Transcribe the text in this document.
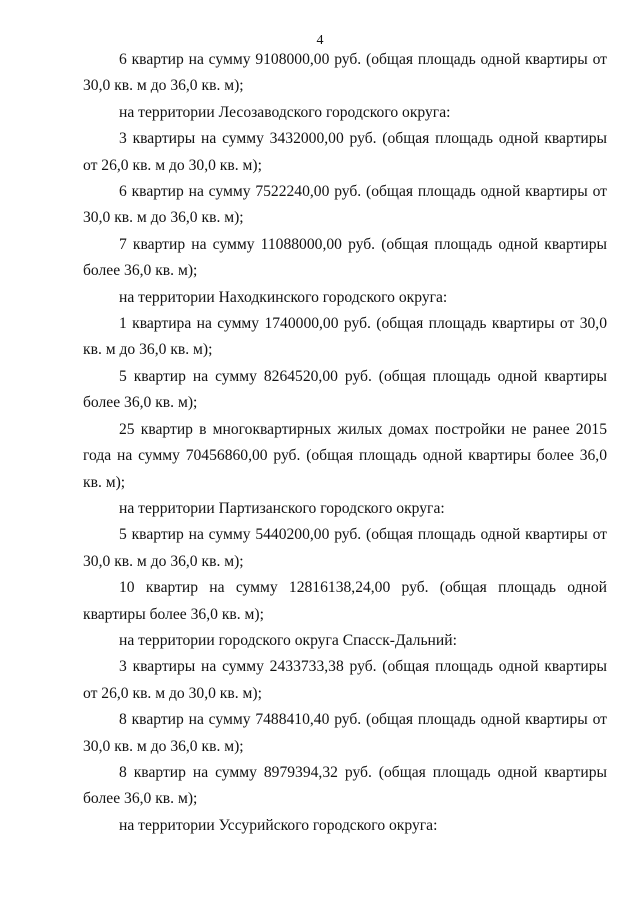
4

6 квартир на сумму 9108000,00 руб. (общая площадь одной квартиры от 30,0 кв. м до 36,0 кв. м);

на территории Лесозаводского городского округа:

3 квартиры на сумму 3432000,00 руб. (общая площадь одной квартиры от 26,0 кв. м до 30,0 кв. м);

6 квартир на сумму 7522240,00 руб. (общая площадь одной квартиры от 30,0 кв. м до 36,0 кв. м);

7 квартир на сумму 11088000,00 руб. (общая площадь одной квартиры более 36,0 кв. м);

на территории Находкинского городского округа:

1 квартира на сумму 1740000,00 руб. (общая площадь квартиры от 30,0 кв. м до 36,0 кв. м);

5 квартир на сумму 8264520,00 руб. (общая площадь одной квартиры более 36,0 кв. м);

25 квартир в многоквартирных жилых домах постройки не ранее 2015 года на сумму 70456860,00 руб. (общая площадь одной квартиры более 36,0 кв. м);

на территории Партизанского городского округа:

5 квартир на сумму 5440200,00 руб. (общая площадь одной квартиры от 30,0 кв. м до 36,0 кв. м);

10 квартир на сумму 12816138,24,00 руб. (общая площадь одной квартиры более 36,0 кв. м);

на территории городского округа Спасск-Дальний:

3 квартиры на сумму 2433733,38 руб. (общая площадь одной квартиры от 26,0 кв. м до 30,0 кв. м);

8 квартир на сумму 7488410,40 руб. (общая площадь одной квартиры от 30,0 кв. м до 36,0 кв. м);

8 квартир на сумму 8979394,32 руб. (общая площадь одной квартиры более 36,0 кв. м);

на территории Уссурийского городского округа:
